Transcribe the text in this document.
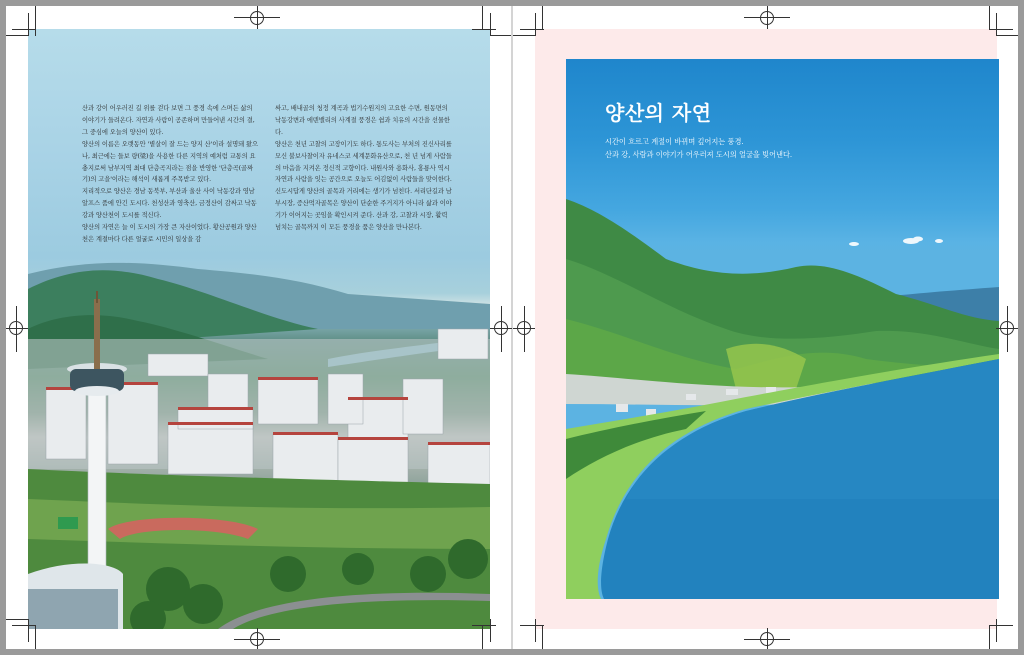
산과 강이 어우러진 길 위를 걷다 보면 그 풍경 속에 스며든 삶의 이야기가 들려온다. 자연과 사람이 공존하며 만들어낸 시간의 결, 그 중심에 오늘의 양산이 있다.

양산의 이름은 오랫동안 '볕살이 잘 드는 양지 산'이라 설명돼 왔으나, 최근에는 들보 량(梁)을 사용한 다른 지역의 예처럼 교통의 요충지로써 남부지역 최대 단층곡지라는 점을 반영한 '단층곡(골짜기)의 고을'이라는 해석이 새롭게 주목받고 있다.

지리적으로 양산은 경남 동북부, 부산과 울산 사이 낙동강과 영남알프스 품에 안긴 도시다. 천성산과 영축산, 금정산이 감싸고 낙동강과 양산천이 도시를 적신다.

양산의 자연은 늘 이 도시의 가장 큰 자산이었다. 황산공원과 양산천은 계절마다 다른 얼굴로 시민의 일상을 감

싸고, 배내골의 청정 계곡과 법기수원지의 고요한 수면, 원동면의 낙동강변과 에덴밸리의 사계절 풍경은 쉼과 치유의 시간을 선물한다.

양산은 천년 고찰의 고장이기도 하다. 통도사는 부처의 진신사리를 모신 불보사찰이자 유네스코 세계문화유산으로, 천 년 넘게 사람들의 마음을 지켜온 정신적 고향이다. 내원사와 용화사, 홍룡사 역시 자연과 사람을 잇는 공간으로 오늘도 어김없이 사람들을 맞이한다.

신도시답게 양산의 골목과 거리에는 생기가 넘친다. 서리단길과 남부시장, 증산먹자골목은 양산이 단순한 주거지가 아니라 삶과 이야기가 이어지는 곳임을 확인시켜 준다. 산과 강, 고찰과 시장, 활력 넘치는 골목까지 이 모든 풍경을 품은 양산을 만나본다.

양산의 자연

시간이 흐르고 계절이 바뀌며 깊어지는 풍경.

산과 강, 사람과 이야기가 어우러져 도시의 얼굴을 빚어낸다.
